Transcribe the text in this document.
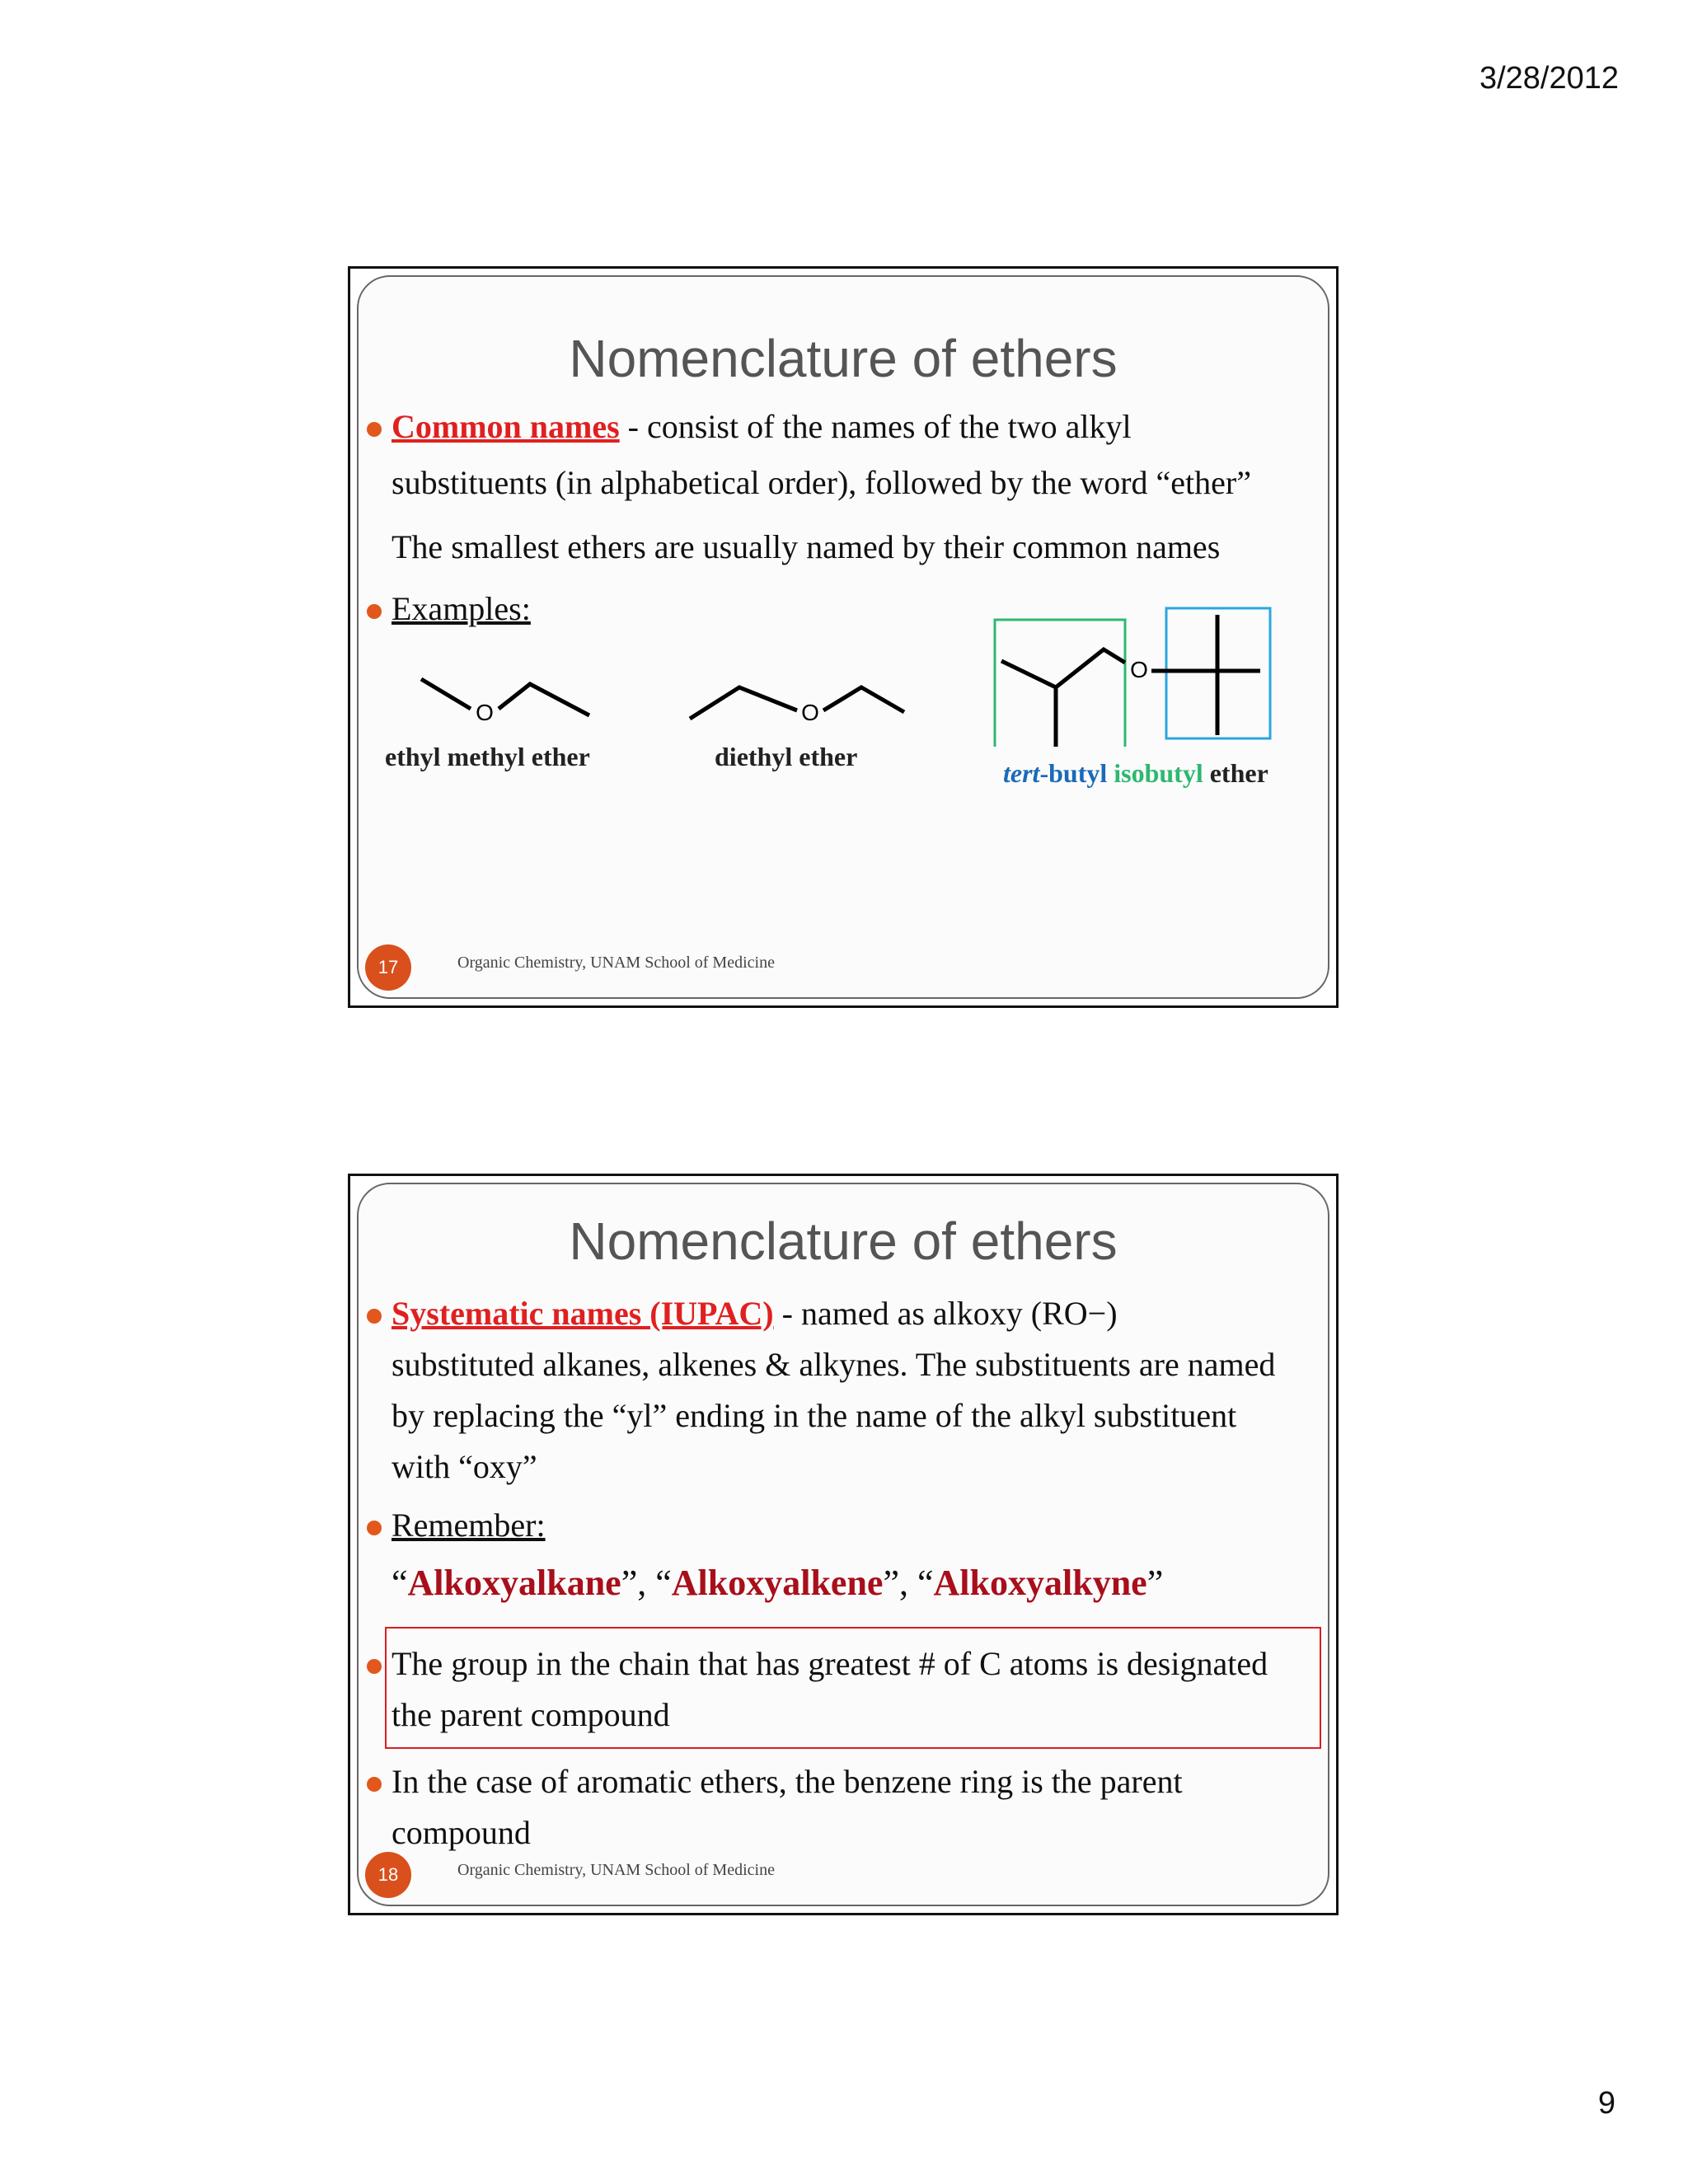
3/28/2012
Nomenclature of ethers
Common names - consist of the names of the two alkyl
substituents (in alphabetical order), followed by the word “ether”
The smallest ethers are usually named by their common names
Examples:
O
ethyl methyl ether
O
diethyl ether
O
tert-butyl isobutyl ether
17	Organic Chemistry, UNAM School of Medicine
Nomenclature of ethers
Systematic names (IUPAC) - named as alkoxy (RO−)
substituted alkanes, alkenes & alkynes. The substituents are named
by replacing the “yl” ending in the name of the alkyl substituent
with “oxy”
Remember:
“Alkoxyalkane”, “Alkoxyalkene”, “Alkoxyalkyne”
The group in the chain that has greatest # of C atoms is designated
the parent compound
In the case of aromatic ethers, the benzene ring is the parent
compound
18	Organic Chemistry, UNAM School of Medicine
9
